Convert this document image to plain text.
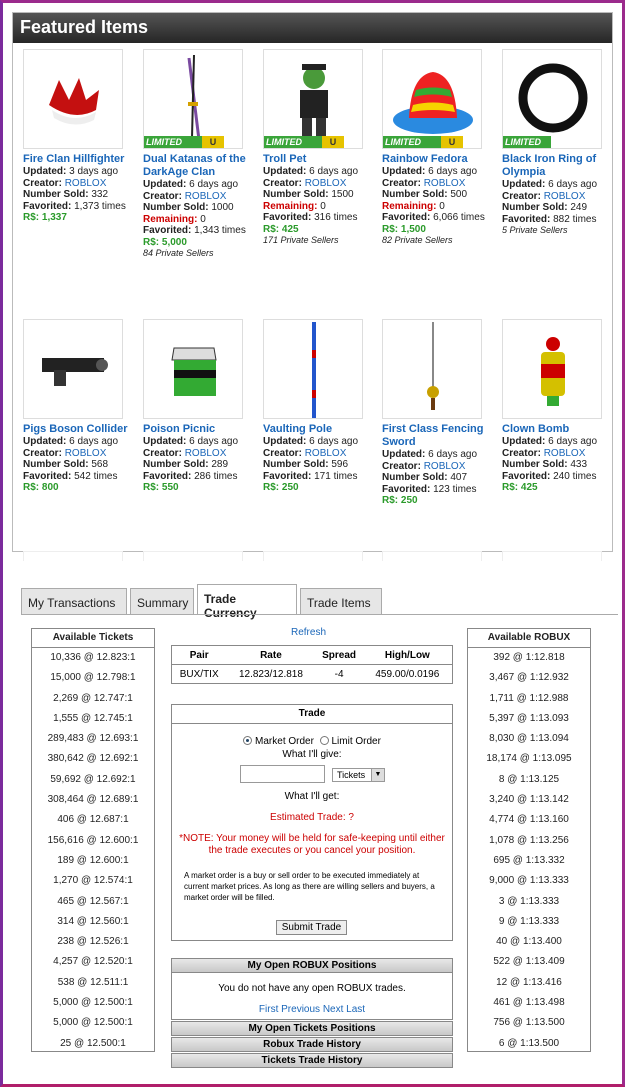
Featured Items
Fire Clan Hillfighter
Updated: 3 days ago
Creator: ROBLOX
Number Sold: 332
Favorited: 1,373 times
R$: 1,337
LIMITED	U
Dual Katanas of the DarkAge Clan
Updated: 6 days ago
Creator: ROBLOX
Number Sold: 1000
Remaining: 0
Favorited: 1,343 times
R$: 5,000
84 Private Sellers
LIMITED	U
Troll Pet
Updated: 6 days ago
Creator: ROBLOX
Number Sold: 1500
Remaining: 0
Favorited: 316 times
R$: 425
171 Private Sellers
LIMITED	U
Rainbow Fedora
Updated: 6 days ago
Creator: ROBLOX
Number Sold: 500
Remaining: 0
Favorited: 6,066 times
R$: 1,500
82 Private Sellers
LIMITED
Black Iron Ring of Olympia
Updated: 6 days ago
Creator: ROBLOX
Number Sold: 249
Favorited: 882 times
5 Private Sellers
Pigs Boson Collider
Updated: 6 days ago
Creator: ROBLOX
Number Sold: 568
Favorited: 542 times
R$: 800
Poison Picnic
Updated: 6 days ago
Creator: ROBLOX
Number Sold: 289
Favorited: 286 times
R$: 550
Vaulting Pole
Updated: 6 days ago
Creator: ROBLOX
Number Sold: 596
Favorited: 171 times
R$: 250
First Class Fencing Sword
Updated: 6 days ago
Creator: ROBLOX
Number Sold: 407
Favorited: 123 times
R$: 250
Clown Bomb
Updated: 6 days ago
Creator: ROBLOX
Number Sold: 433
Favorited: 240 times
R$: 425
My Transactions	Summary	Trade Currency
Trade Items
Available Tickets
10,336 @ 12.823:1
15,000 @ 12.798:1
2,269 @ 12.747:1
1,555 @ 12.745:1
289,483 @ 12.693:1
380,642 @ 12.692:1
59,692 @ 12.692:1
308,464 @ 12.689:1
406 @ 12.687:1
156,616 @ 12.600:1
189 @ 12.600:1
1,270 @ 12.574:1
465 @ 12.567:1
314 @ 12.560:1
238 @ 12.526:1
4,257 @ 12.520:1
538 @ 12.511:1
5,000 @ 12.500:1
5,000 @ 12.500:1
25 @ 12.500:1
Available ROBUX
392 @ 1:12.818
3,467 @ 1:12.932
1,711 @ 1:12.988
5,397 @ 1:13.093
8,030 @ 1:13.094
18,174 @ 1:13.095
8 @ 1:13.125
3,240 @ 1:13.142
4,774 @ 1:13.160
1,078 @ 1:13.256
695 @ 1:13.332
9,000 @ 1:13.333
3 @ 1:13.333
9 @ 1:13.333
40 @ 1:13.400
522 @ 1:13.409
12 @ 1:13.416
461 @ 1:13.498
756 @ 1:13.500
6 @ 1:13.500
Refresh
Pair	Rate	Spread	High/Low
BUX/TIX	12.823/12.818	-4	459.00/0.0196
Trade
Market Order Limit Order
What I'll give:
Tickets	▼
What I'll get:
Estimated Trade: ?
*NOTE: Your money will be held for safe-keeping until either the trade executes or you cancel your position.
A market order is a buy or sell order to be executed immediately at current market prices. As long as there are willing sellers and buyers, a market order will be filled.
Submit Trade
My Open ROBUX Positions
You do not have any open ROBUX trades.
First Previous Next Last
My Open Tickets Positions
Robux Trade History
Tickets Trade History
